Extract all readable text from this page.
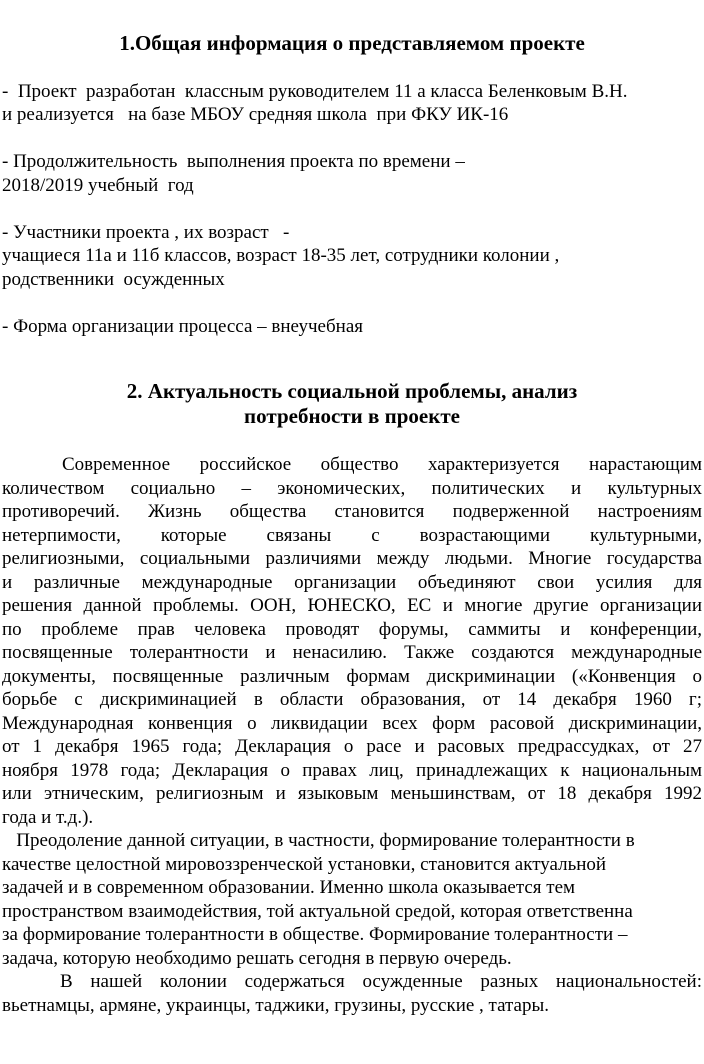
1.Общая информация о представляемом проекте

-  Проект  разработан  классным руководителем 11 а класса Беленковым В.Н.

и реализуется   на базе МБОУ средняя школа  при ФКУ ИК-16

- Продолжительность  выполнения проекта по времени –

2018/2019 учебный  год

- Участники проекта , их возраст   -

учащиеся 11а и 11б классов, возраст 18-35 лет, сотрудники колонии ,

родственники  осужденных

- Форма организации процесса – внеучебная

2. Актуальность социальной проблемы, анализ
потребности в проекте

Современное российское общество характеризуется нарастающим

количеством социально – экономических, политических и культурных

противоречий. Жизнь общества становится подверженной настроениям

нетерпимости, которые связаны с возрастающими культурными,

религиозными, социальными различиями между людьми. Многие государства

и различные международные организации объединяют свои усилия для

решения данной проблемы. ООН, ЮНЕСКО, ЕС и многие другие организации

по проблеме прав человека проводят форумы, саммиты и конференции,

посвященные толерантности и ненасилию. Также создаются международные

документы, посвященные различным формам дискриминации («Конвенция о

борьбе с дискриминацией в области образования, от 14 декабря 1960 г;

Международная конвенция о ликвидации всех форм расовой дискриминации,

от 1 декабря 1965 года; Декларация о расе и расовых предрассудках, от 27

ноября 1978 года; Декларация о правах лиц, принадлежащих к национальным

или этническим, религиозным и языковым меньшинствам, от 18 декабря 1992

года и т.д.).

Преодоление данной ситуации, в частности, формирование толерантности в

качестве целостной мировоззренческой установки, становится актуальной

задачей и в современном образовании. Именно школа оказывается тем

пространством взаимодействия, той актуальной средой, которая ответственна

за формирование толерантности в обществе. Формирование толерантности –

задача, которую необходимо решать сегодня в первую очередь.

В нашей колонии содержаться осужденные разных национальностей:

вьетнамцы, армяне, украинцы, таджики, грузины, русские , татары.
